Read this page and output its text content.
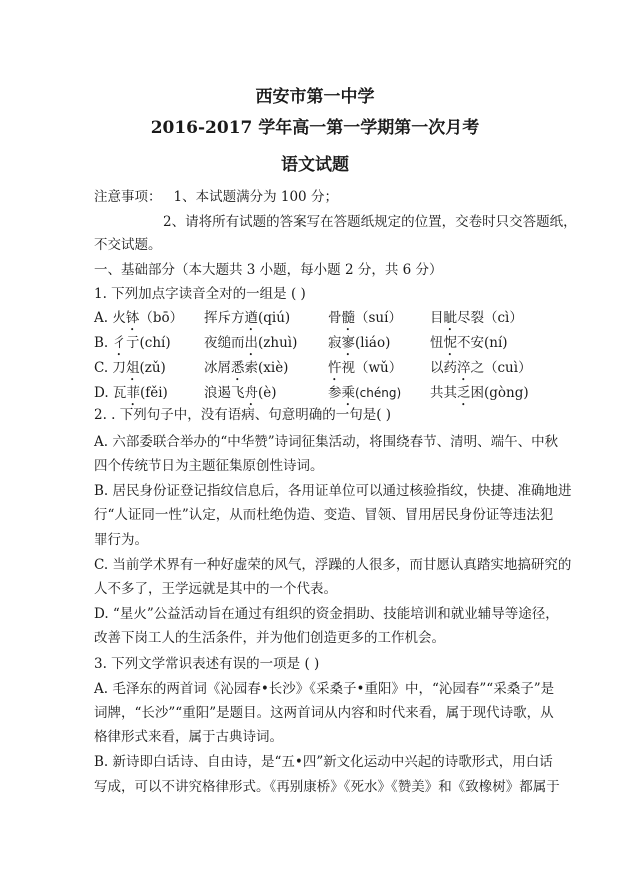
西安市第一中学
2016-2017 学年高一第一学期第一次月考
语文试题
注意事项： 1、本试题满分为 100 分；
2、请将所有试题的答案写在答题纸规定的位置，交卷时只交答题纸，
不交试题。
一、基础部分（本大题共 3 小题，每小题 2 分，共 6 分）
1. 下列加点字读音全对的一组是 ( )
A. 火钵（bō） 挥斥方遒(qiú)	骨髓（suí） 目眦尽裂（cì）
B. 彳亍(chí) 夜缒而出(zhuì) 寂寥(liáo)	忸怩不安(ní)
C. 刀俎(zǔ)	冰屑悉索(xiè)	忤视（wǔ） 以药淬之（cuì）
D. 瓦菲(fěi)	浪遏飞舟(è)	参乘(chéng) 共其乏困(gòng)
2. . 下列句子中，没有语病、句意明确的一句是( )
A. 六部委联合举办的“中华赞”诗词征集活动，将围绕春节、清明、端午、中秋
四个传统节日为主题征集原创性诗词。
B. 居民身份证登记指纹信息后，各用证单位可以通过核验指纹，快捷、准确地进
行“人证同一性”认定，从而杜绝伪造、变造、冒领、冒用居民身份证等违法犯
罪行为。
C. 当前学术界有一种好虚荣的风气，浮躁的人很多，而甘愿认真踏实地搞研究的
人不多了，王学远就是其中的一个代表。
D. “星火”公益活动旨在通过有组织的资金捐助、技能培训和就业辅导等途径，
改善下岗工人的生活条件，并为他们创造更多的工作机会。
3. 下列文学常识表述有误的一项是 ( )
A. 毛泽东的两首词《沁园春•长沙》《采桑子•重阳》中，“沁园春”“采桑子”是
词牌，“长沙”“重阳”是题目。这两首词从内容和时代来看，属于现代诗歌，从
格律形式来看，属于古典诗词。
B. 新诗即白话诗、自由诗，是“五•四”新文化运动中兴起的诗歌形式，用白话
写成，可以不讲究格律形式。《再别康桥》《死水》《赞美》和《致橡树》都属于
